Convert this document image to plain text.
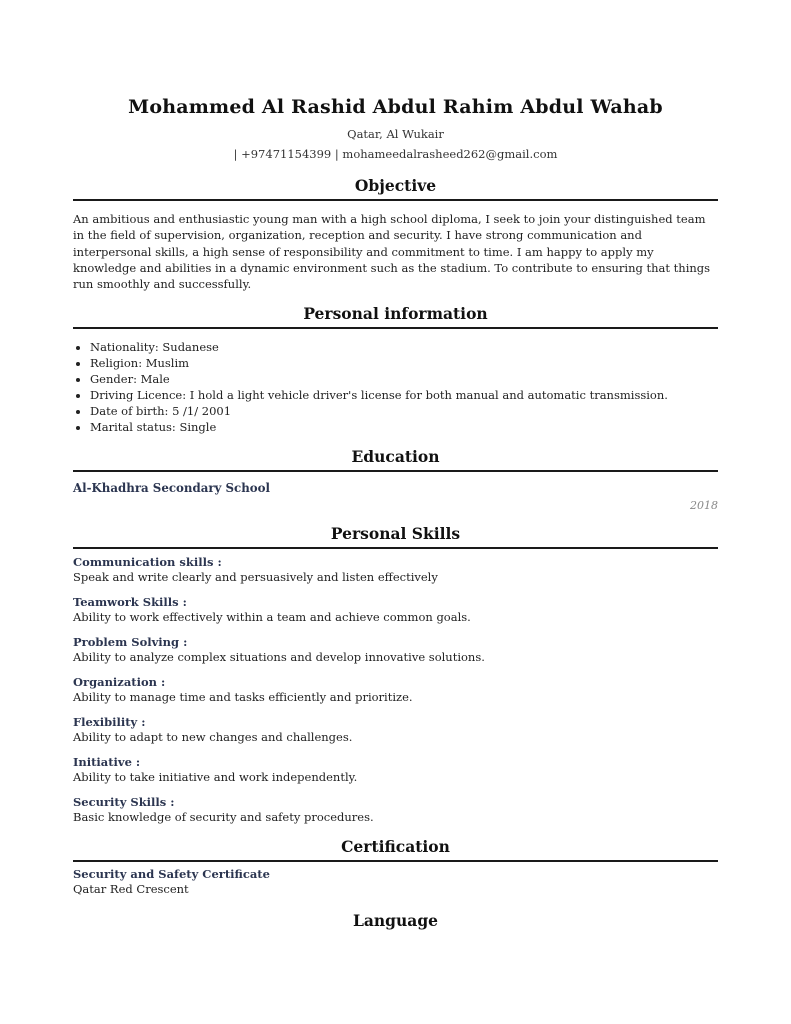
Mohammed Al Rashid Abdul Rahim Abdul Wahab
Qatar, Al Wukair
| +97471154399 | mohameedalrasheed262@gmail.com
Objective
An ambitious and enthusiastic young man with a high school diploma, I seek to join your distinguished team in the field of supervision, organization, reception and security. I have strong communication and interpersonal skills, a high sense of responsibility and commitment to time. I am happy to apply my knowledge and abilities in a dynamic environment such as the stadium. To contribute to ensuring that things run smoothly and successfully.
Personal information
• Nationality: Sudanese
• Religion: Muslim
• Gender: Male
• Driving Licence: I hold a light vehicle driver's license for both manual and automatic transmission.
• Date of birth: 5 /1/ 2001
• Marital status: Single
Education
Al-Khadhra Secondary School
2018
Personal Skills
Communication skills :
Speak and write clearly and persuasively and listen effectively
Teamwork Skills :
Ability to work effectively within a team and achieve common goals.
Problem Solving :
Ability to analyze complex situations and develop innovative solutions.
Organization :
Ability to manage time and tasks efficiently and prioritize.
Flexibility :
Ability to adapt to new changes and challenges.
Initiative :
Ability to take initiative and work independently.
Security Skills :
Basic knowledge of security and safety procedures.
Certification
Security and Safety Certificate
Qatar Red Crescent
Language
